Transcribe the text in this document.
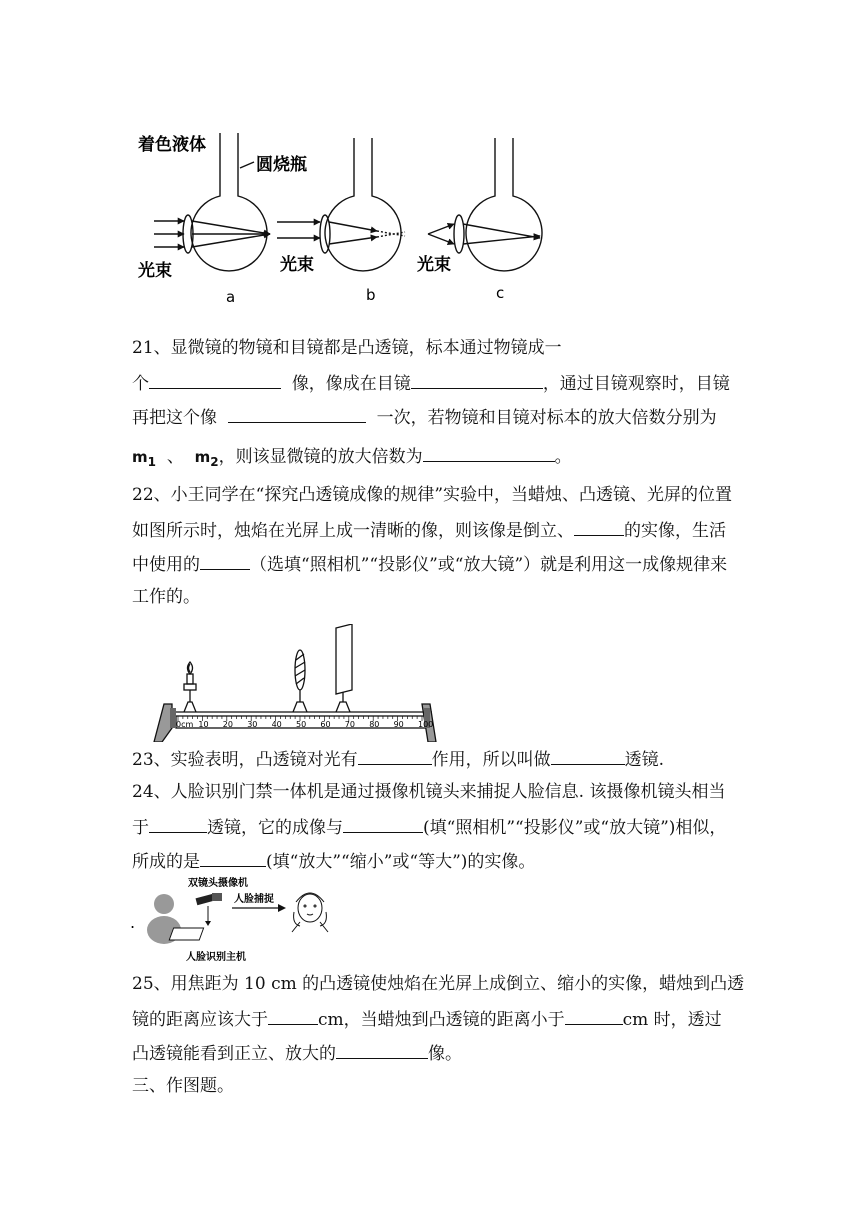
着色液体
圆烧瓶
光束	光束	光束
a	b	c
21、显微镜的物镜和目镜都是凸透镜，标本通过物镜成一
个	像，像成在目镜	，通过目镜观察时，目镜
再把这个像	一次，若物镜和目镜对标本的放大倍数分别为
$m_1$ 、 $m_2$，则该显微镜的放大倍数为	。
22、小王同学在“探究凸透镜成像的规律”实验中，当蜡烛、凸透镜、光屏的位置
如图所示时，烛焰在光屏上成一清晰的像，则该像是倒立、	的实像，生活
中使用的	（选填“照相机”“投影仪”或“放大镜”）就是利用这一成像规律来
工作的。
0cm 10 20 30 40 50 60 70 80 90 100
23、实验表明，凸透镜对光有	作用，所以叫做	透镜.
24、人脸识别门禁一体机是通过摄像机镜头来捕捉人脸信息. 该摄像机镜头相当
于	透镜，它的成像与	(填“照相机”“投影仪”或“放大镜”)相似，
所成的是	(填“放大”“缩小”或“等大”)的实像。
.
双镜头摄像机
人脸捕捉
人脸识别主机
25、用焦距为 10 cm 的凸透镜使烛焰在光屏上成倒立、缩小的实像，蜡烛到凸透
镜的距离应该大于	cm，当蜡烛到凸透镜的距离小于	cm 时，透过
凸透镜能看到正立、放大的	像。
三、作图题。
